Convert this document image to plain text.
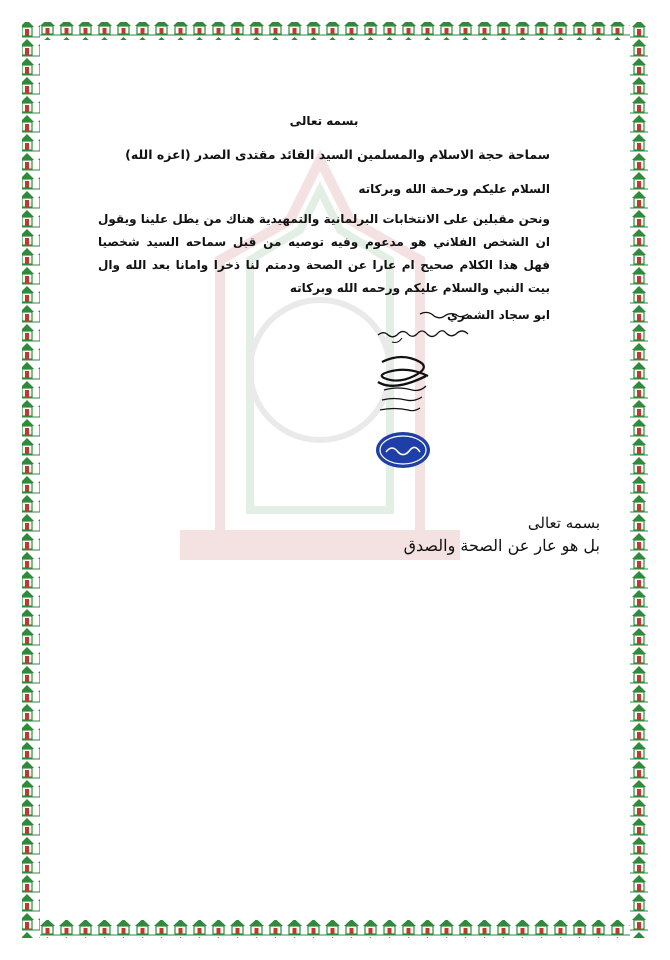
بسمه تعالى
سماحة حجة الاسلام والمسلمين السيد القائد مقتدى الصدر (اعزه الله)
السلام عليكم ورحمة الله وبركاته
ونحن مقبلين على الانتخابات البرلمانية والتمهيدية هناك من يطل علينا ويقول ان الشخص الفلاني هو مدعوم وفيه توصيه من قبل سماحه السيد شخصيا فهل هذا الكلام صحيح ام عارا عن الصحة ودمتم لنا ذخرا وامانا بعد الله وال بيت النبي والسلام عليكم ورحمه الله وبركاته
ابو سجاد الشمري
بسمه تعالى
بل هو عار عن الصحة والصدق
